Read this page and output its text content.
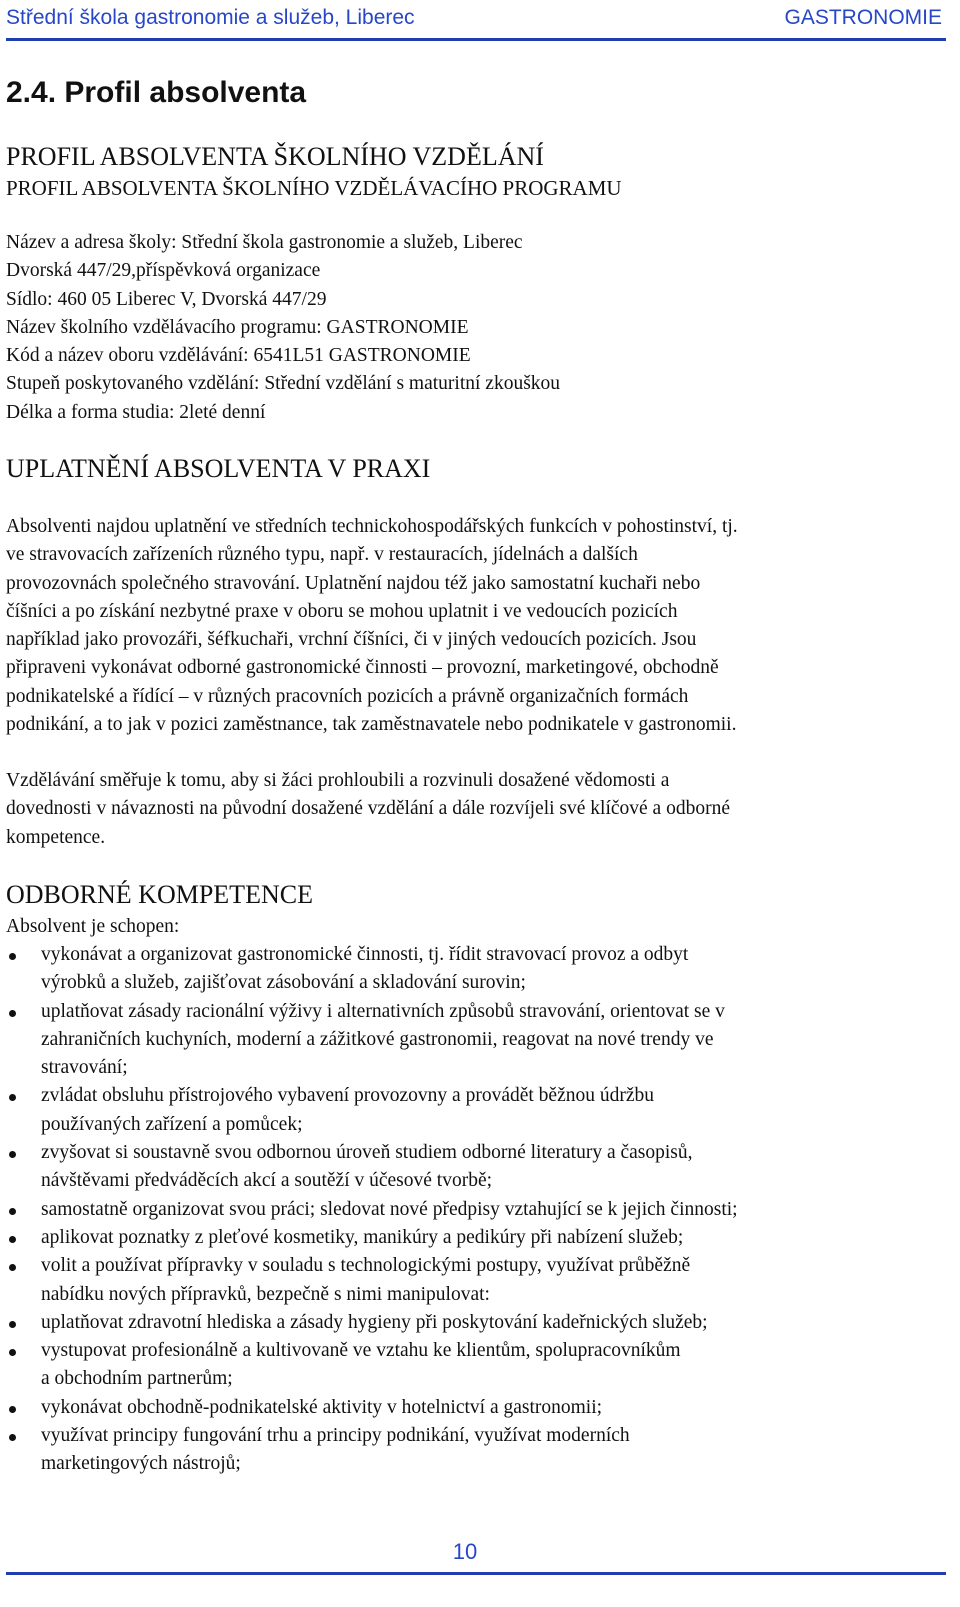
Střední škola gastronomie a služeb, Liberec	GASTRONOMIE
2.4. Profil absolventa
PROFIL ABSOLVENTA ŠKOLNÍHO VZDĚLÁNÍ
PROFIL ABSOLVENTA ŠKOLNÍHO VZDĚLÁVACÍHO PROGRAMU
Název a adresa školy: Střední škola gastronomie a služeb, Liberec
Dvorská 447/29,příspěvková organizace
Sídlo: 460 05 Liberec V, Dvorská 447/29
Název školního vzdělávacího programu: GASTRONOMIE
Kód a název oboru vzdělávání: 6541L51 GASTRONOMIE
Stupeň poskytovaného vzdělání: Střední vzdělání s maturitní zkouškou
Délka a forma studia: 2leté denní
UPLATNĚNÍ ABSOLVENTA V PRAXI

Absolventi najdou uplatnění ve středních technickohospodářských funkcích v pohostinství, tj.
ve stravovacích zařízeních různého typu, např. v restauracích, jídelnách a dalších
provozovnách společného stravování. Uplatnění najdou též jako samostatní kuchaři nebo
číšníci a po získání nezbytné praxe v oboru se mohou uplatnit i ve vedoucích pozicích
například jako provozáři, šéfkuchaři, vrchní číšníci, či v jiných vedoucích pozicích. Jsou
připraveni vykonávat odborné gastronomické činnosti – provozní, marketingové, obchodně
podnikatelské a řídící – v různých pracovních pozicích a právně organizačních formách
podnikání, a to jak v pozici zaměstnance, tak zaměstnavatele nebo podnikatele v gastronomii.

Vzdělávání směřuje k tomu, aby si žáci prohloubili a rozvinuli dosažené vědomosti a
dovednosti v návaznosti na původní dosažené vzdělání a dále rozvíjeli své klíčové a odborné
kompetence.

ODBORNÉ KOMPETENCE
Absolvent je schopen:
vykonávat a organizovat gastronomické činnosti, tj. řídit stravovací provoz a odbyt
výrobků a služeb, zajišťovat zásobování a skladování surovin;
uplatňovat zásady racionální výživy i alternativních způsobů stravování, orientovat se v
zahraničních kuchyních, moderní a zážitkové gastronomii, reagovat na nové trendy ve
stravování;
zvládat obsluhu přístrojového vybavení provozovny a provádět běžnou údržbu
používaných zařízení a pomůcek;
zvyšovat si soustavně svou odbornou úroveň studiem odborné literatury a časopisů,
návštěvami předváděcích akcí a soutěží v účesové tvorbě;
samostatně organizovat svou práci; sledovat nové předpisy vztahující se k jejich činnosti;
aplikovat poznatky z pleťové kosmetiky, manikúry a pedikúry při nabízení služeb;
volit a používat přípravky v souladu s technologickými postupy, využívat průběžně
nabídku nových přípravků, bezpečně s nimi manipulovat:
uplatňovat zdravotní hlediska a zásady hygieny při poskytování kadeřnických služeb;
vystupovat profesionálně a kultivovaně ve vztahu ke klientům, spolupracovníkům
a obchodním partnerům;
vykonávat obchodně-podnikatelské aktivity v hotelnictví a gastronomii;
využívat principy fungování trhu a principy podnikání, využívat moderních
marketingových nástrojů;
10
